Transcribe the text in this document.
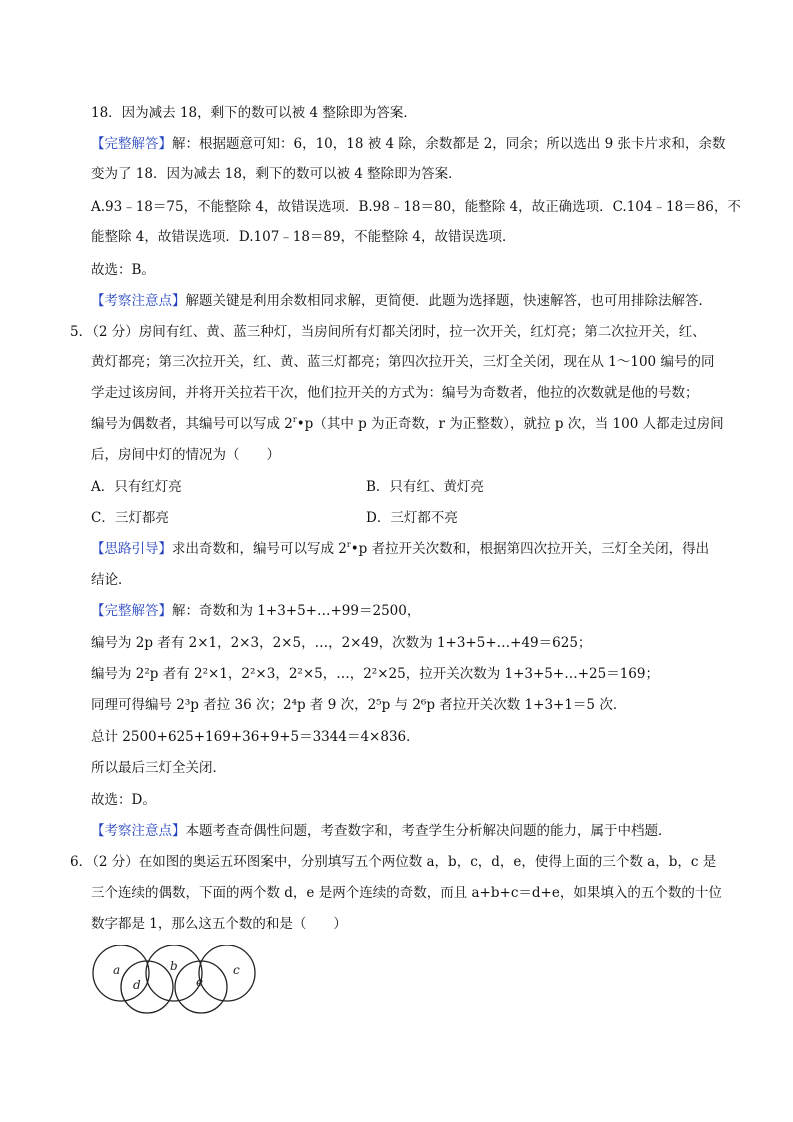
18．因为减去 18，剩下的数可以被 4 整除即为答案．
【完整解答】解：根据题意可知：6，10，18 被 4 除，余数都是 2，同余；所以选出 9 张卡片求和，余数
变为了 18．因为减去 18，剩下的数可以被 4 整除即为答案．
A.93﹣18＝75，不能整除 4，故错误选项．B.98﹣18＝80，能整除 4，故正确选项．C.104﹣18＝86，不
能整除 4，故错误选项．D.107﹣18＝89，不能整除 4，故错误选项．
故选：B。
【考察注意点】解题关键是利用余数相同求解，更简便．此题为选择题，快速解答，也可用排除法解答．
5．（2 分）房间有红、黄、蓝三种灯，当房间所有灯都关闭时，拉一次开关，红灯亮；第二次拉开关，红、
黄灯都亮；第三次拉开关，红、黄、蓝三灯都亮；第四次拉开关，三灯全关闭，现在从 1～100 编号的同
学走过该房间，并将开关拉若干次，他们拉开关的方式为：编号为奇数者，他拉的次数就是他的号数；
编号为偶数者，其编号可以写成 2$^r$•p（其中 p 为正奇数，r 为正整数），就拉 p 次，当 100 人都走过房间
后，房间中灯的情况为（　　）
A．只有红灯亮	B．只有红、黄灯亮
C．三灯都亮	D．三灯都不亮
【思路引导】求出奇数和，编号可以写成 2$^r$•p 者拉开关次数和，根据第四次拉开关，三灯全关闭，得出
结论．
【完整解答】解：奇数和为 1+3+5+…+99＝2500，
编号为 2p 者有 2×1，2×3，2×5，…，2×49，次数为 1+3+5+…+49＝625；
编号为 2²p 者有 2²×1，2²×3，2²×5，…，2²×25，拉开关次数为 1+3+5+…+25＝169；
同理可得编号 2³p 者拉 36 次；2⁴p 者 9 次，2⁵p 与 2⁶p 者拉开关次数 1+3+1＝5 次．
总计 2500+625+169+36+9+5＝3344＝4×836．
所以最后三灯全关闭．
故选：D。
【考察注意点】本题考查奇偶性问题，考查数字和，考查学生分析解决问题的能力，属于中档题．
6．（2 分）在如图的奥运五环图案中，分别填写五个两位数 a，b，c，d，e，使得上面的三个数 a，b，c 是
三个连续的偶数，下面的两个数 d，e 是两个连续的奇数，而且 a+b+c＝d+e，如果填入的五个数的十位
数字都是 1，那么这五个数的和是（　　）
a	b	c
d	e
